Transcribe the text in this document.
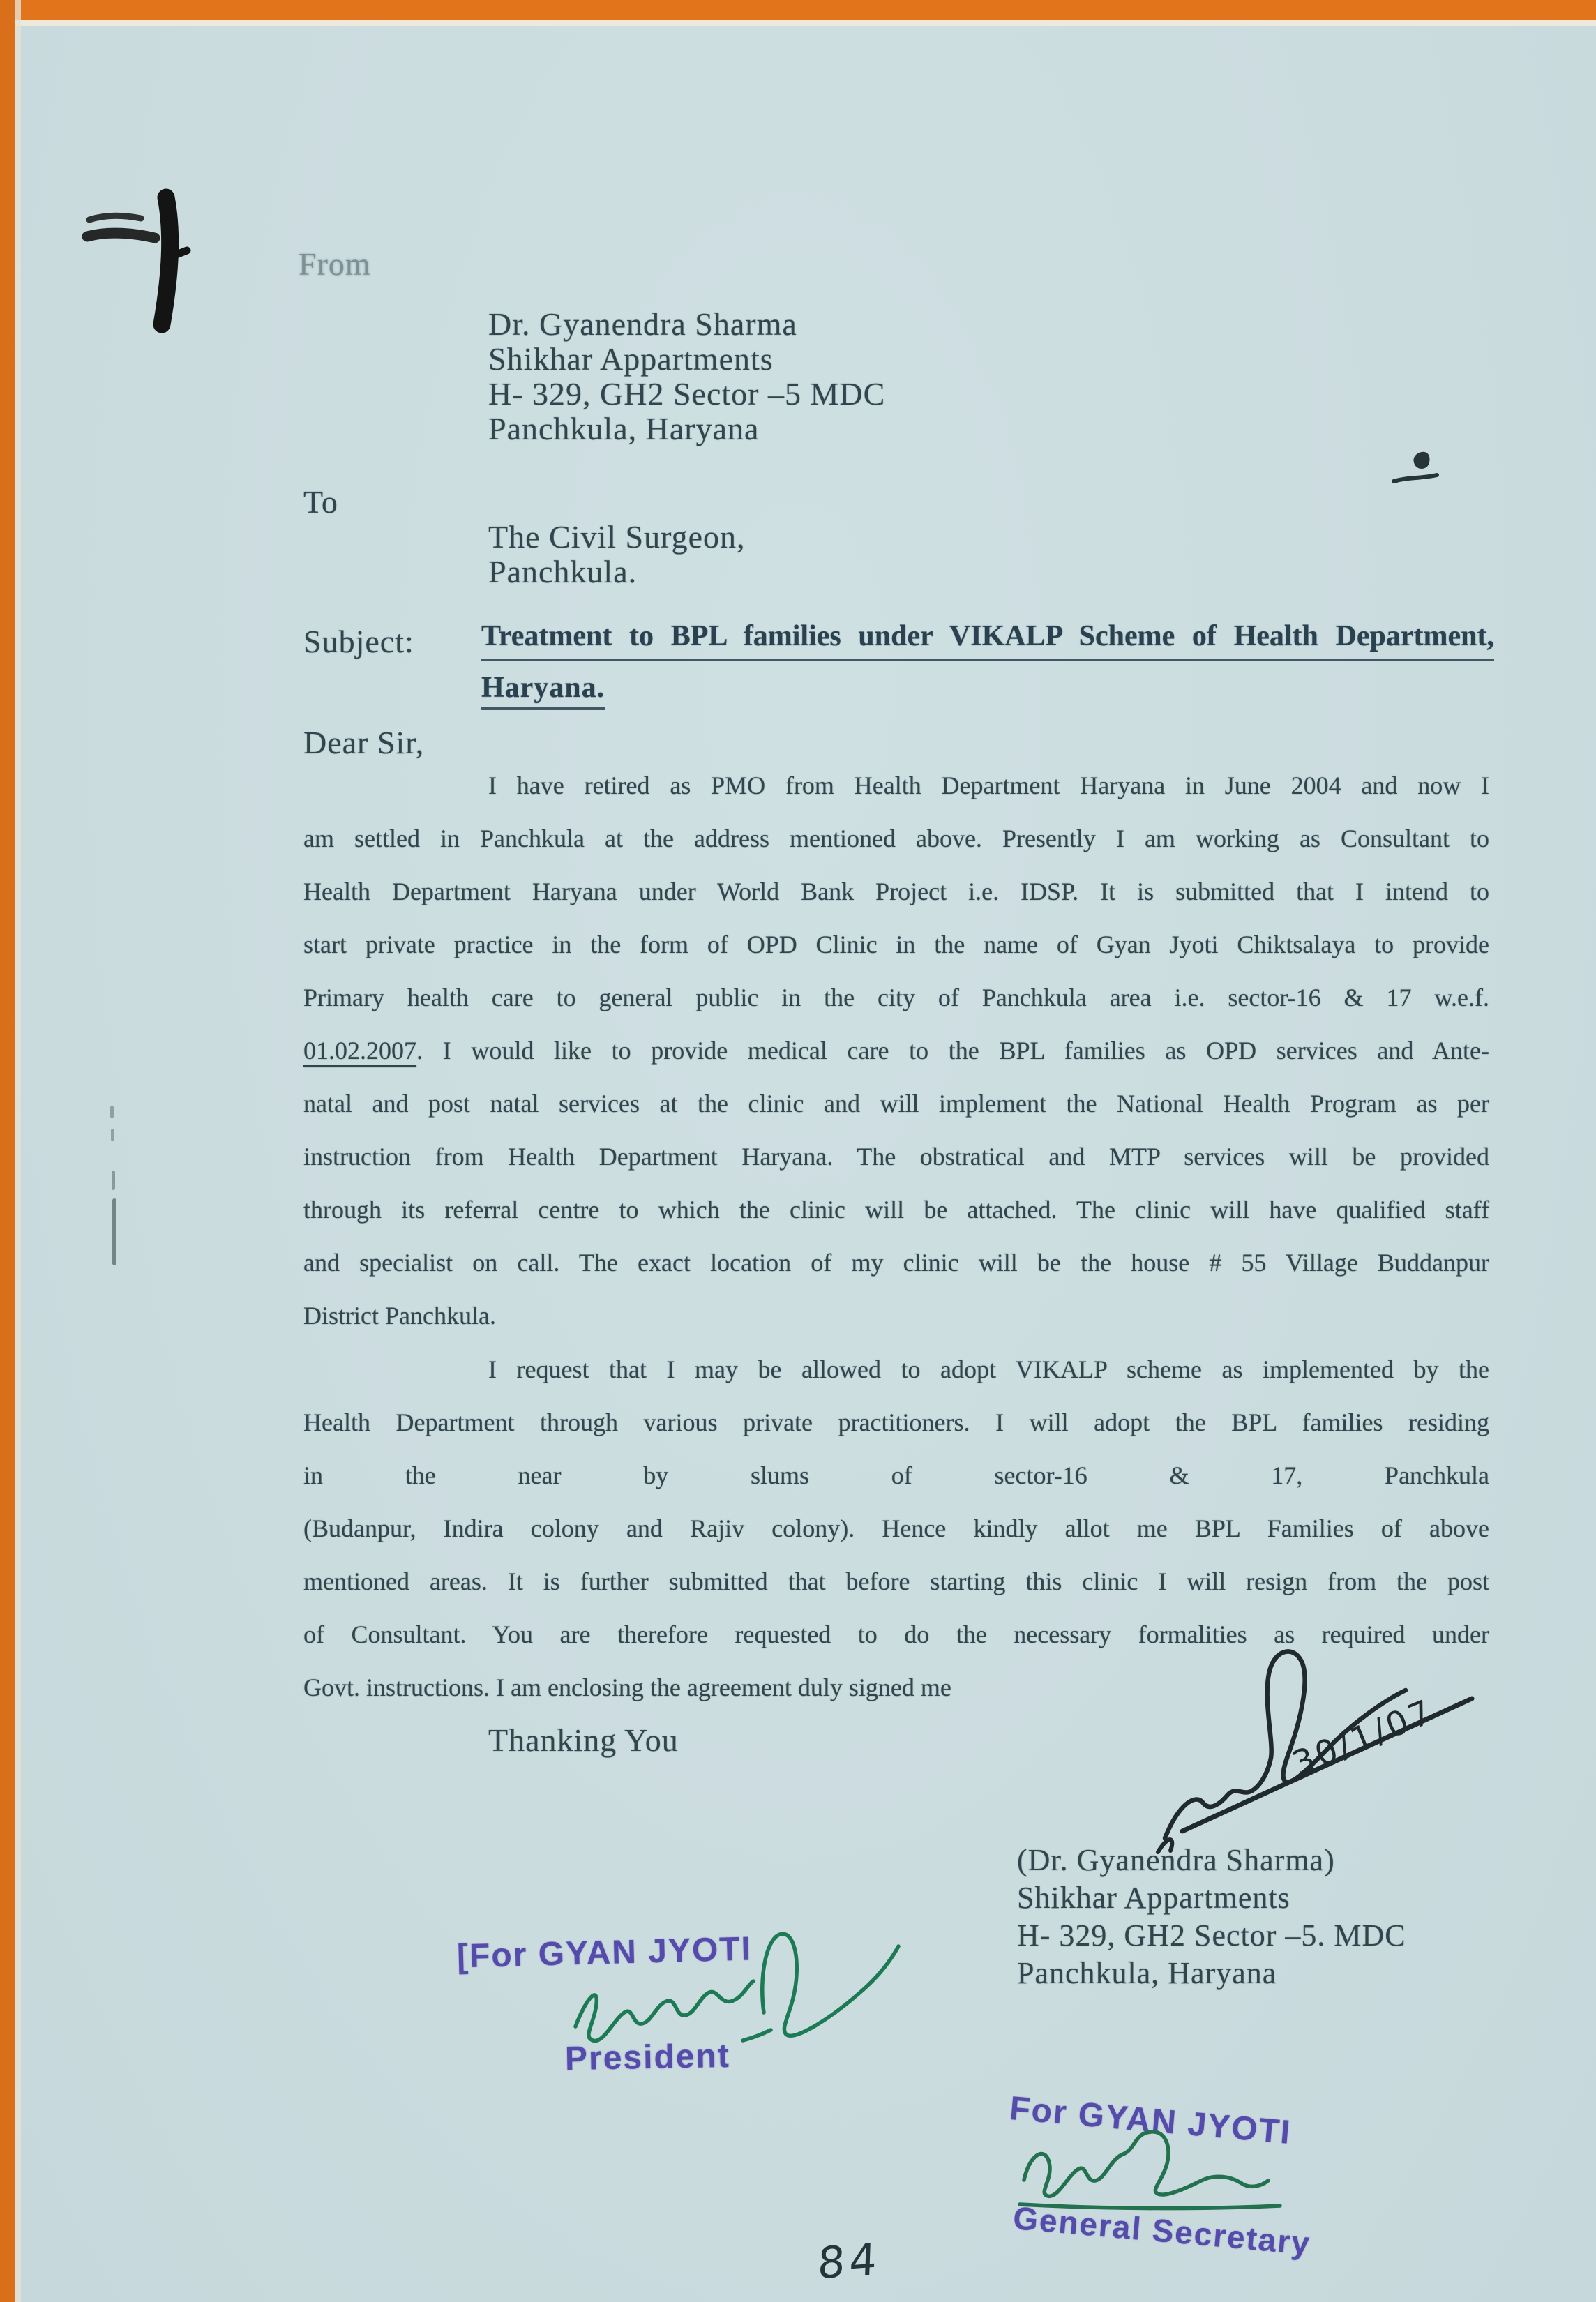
From
Dr. Gyanendra Sharma
Shikhar Appartments
H- 329, GH2 Sector –5 MDC
Panchkula, Haryana
To
The Civil Surgeon,
Panchkula.
Subject: Treatment to BPL families under VIKALP Scheme of Health Department,
Haryana.
Dear Sir,
I have retired as PMO from Health Department Haryana in June 2004 and now I
am settled in Panchkula at the address mentioned above. Presently I am working as Consultant to
Health Department Haryana under World Bank Project i.e. IDSP. It is submitted that I intend to
start private practice in the form of OPD Clinic in the name of Gyan Jyoti Chiktsalaya to provide
Primary health care to general public in the city of Panchkula area i.e. sector-16 & 17 w.e.f.
01.02.2007. I would like to provide medical care to the BPL families as OPD services and Ante-
natal and post natal services at the clinic and will implement the National Health Program as per
instruction from Health Department Haryana. The obstratical and MTP services will be provided
through its referral centre to which the clinic will be attached. The clinic will have qualified staff
and specialist on call. The exact location of my clinic will be the house # 55 Village Buddanpur
District Panchkula.
I request that I may be allowed to adopt VIKALP scheme as implemented by the
Health Department through various private practitioners. I will adopt the BPL families residing
in the near by slums of sector-16 & 17, Panchkula
(Budanpur, Indira colony and Rajiv colony). Hence kindly allot me BPL Families of above
mentioned areas. It is further submitted that before starting this clinic I will resign from the post
of Consultant. You are therefore requested to do the necessary formalities as required under
Govt. instructions. I am enclosing the agreement duly signed me
Thanking You	30/1/07
(Dr. Gyanendra Sharma)
Shikhar Appartments
H- 329, GH2 Sector –5. MDC
Panchkula, Haryana
[For GYAN JYOTI
President
For GYAN JYOTI
General Secretary
84
